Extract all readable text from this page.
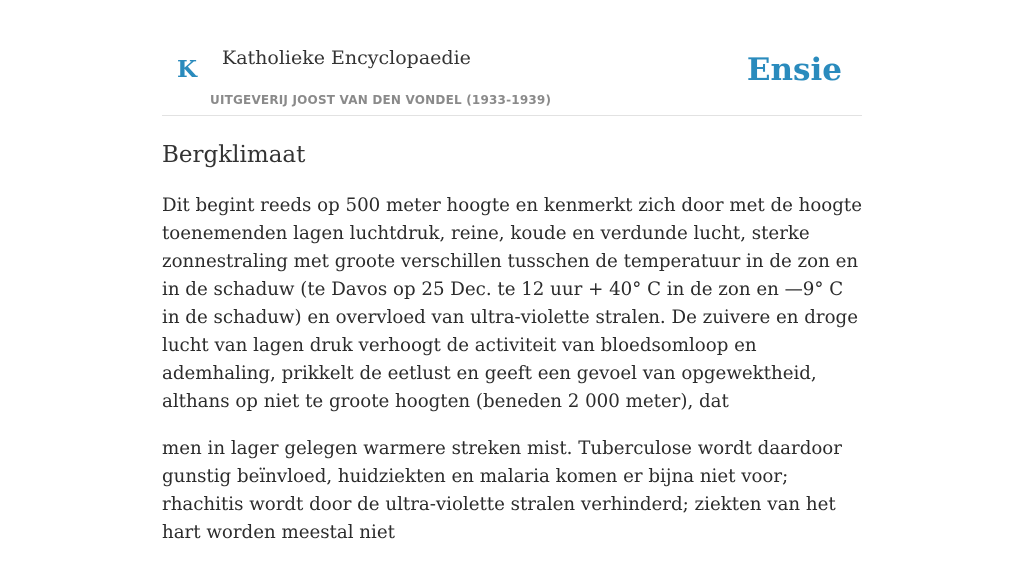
K Katholieke Encyclopaedie
UITGEVERIJ JOOST VAN DEN VONDEL (1933-1939)
Ensie
Bergklimaat

Dit begint reeds op 500 meter hoogte en kenmerkt zich door met de hoogte toenemenden lagen luchtdruk, reine, koude en verdunde lucht, sterke zonnestraling met groote verschillen tusschen de temperatuur in de zon en in de schaduw (te Davos op 25 Dec. te 12 uur + 40° C in de zon en —9° C in de schaduw) en overvloed van ultra-violette stralen. De zuivere en droge lucht van lagen druk verhoogt de activiteit van bloedsomloop en ademhaling, prikkelt de eetlust en geeft een gevoel van opgewektheid, althans op niet te groote hoogten (beneden 2 000 meter), dat

men in lager gelegen warmere streken mist. Tuberculose wordt daardoor gunstig beïnvloed, huidziekten en malaria komen er bijna niet voor; rhachitis wordt door de ultra-violette stralen verhinderd; ziekten van het hart worden meestal niet
